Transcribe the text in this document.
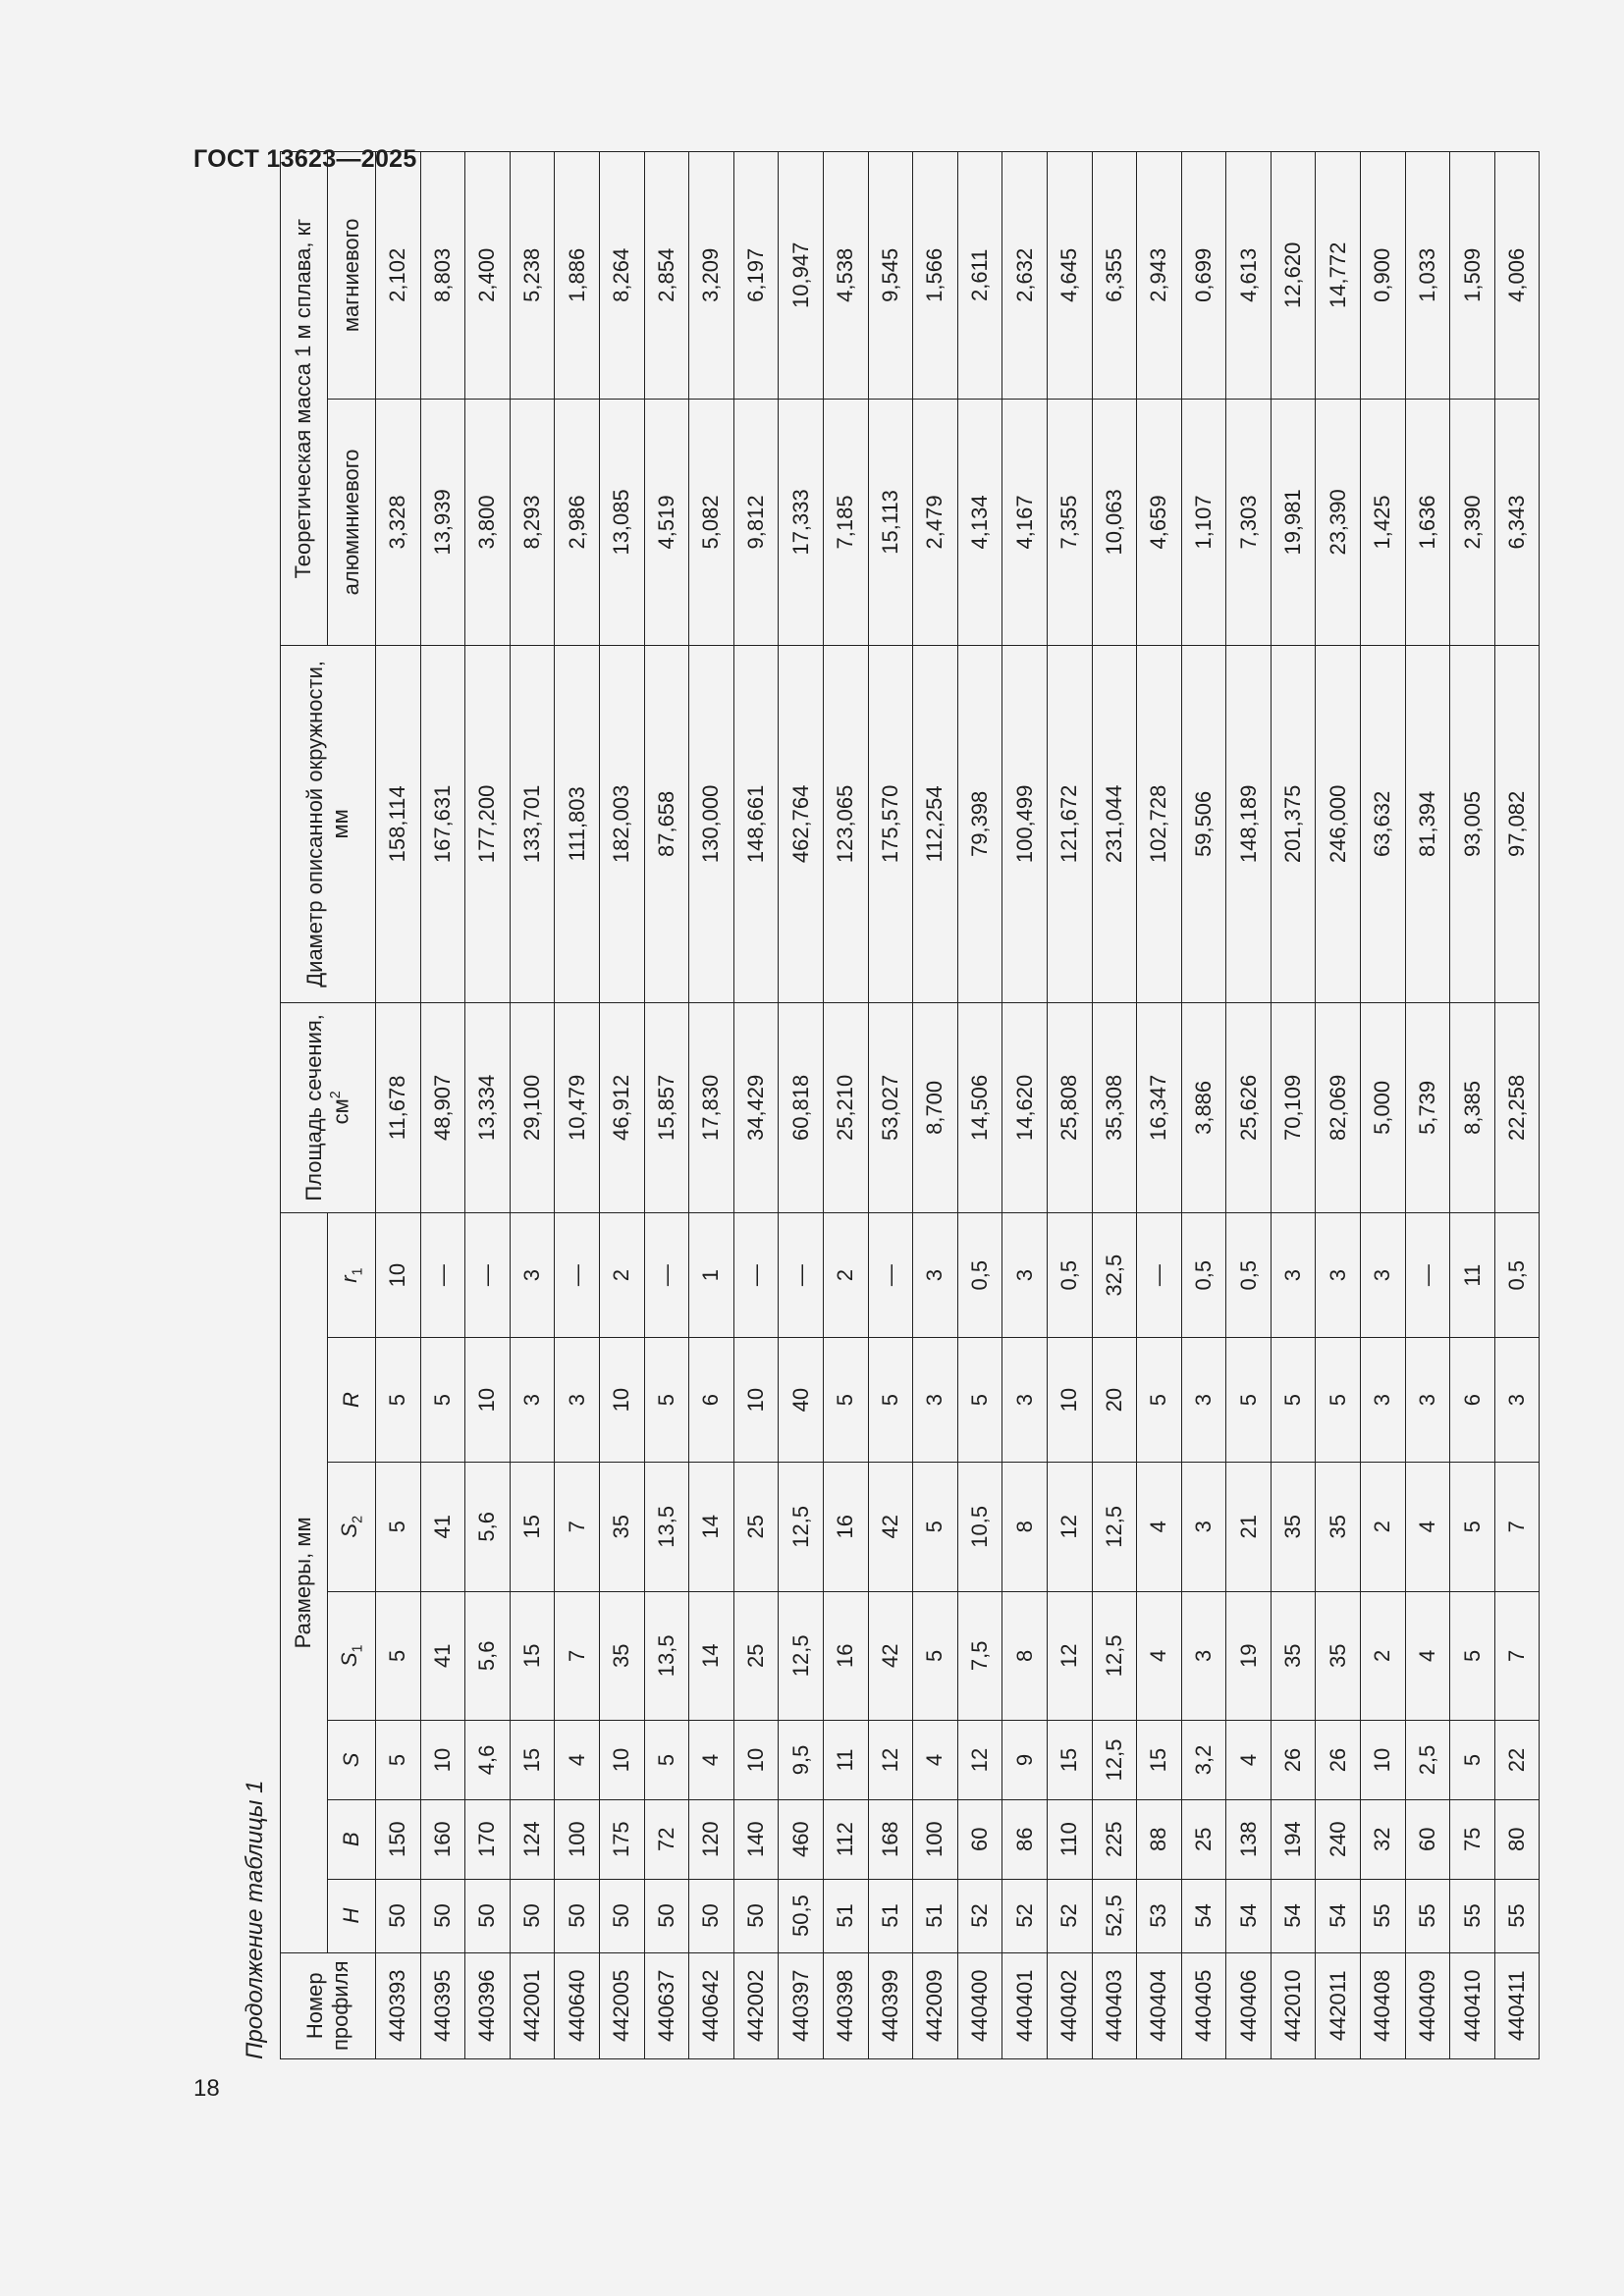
ГОСТ 13623—2025
Продолжение таблицы 1	Номер профиля	Размеры, мм							Площадь сечения, $см^2$	Диаметр описанной окружности, мм	Теоретическая масса 1 м сплава, кг	
	H	B	S	$S_1$	$S_2$	R	$r_1$			алюминиевого	магниевого
440393	50	150	5	5	5	5	10	11,678	158,114	3,328	2,102
440395	50	160	10	41	41	5	—	48,907	167,631	13,939	8,803
440396	50	170	4,6	5,6	5,6	10	—	13,334	177,200	3,800	2,400
442001	50	124	15	15	15	3	3	29,100	133,701	8,293	5,238
440640	50	100	4	7	7	3	—	10,479	111,803	2,986	1,886
442005	50	175	10	35	35	10	2	46,912	182,003	13,085	8,264
440637	50	72	5	13,5	13,5	5	—	15,857	87,658	4,519	2,854
440642	50	120	4	14	14	6	1	17,830	130,000	5,082	3,209
442002	50	140	10	25	25	10	—	34,429	148,661	9,812	6,197
440397	50,5	460	9,5	12,5	12,5	40	—	60,818	462,764	17,333	10,947
440398	51	112	11	16	16	5	2	25,210	123,065	7,185	4,538
440399	51	168	12	42	42	5	—	53,027	175,570	15,113	9,545
442009	51	100	4	5	5	3	3	8,700	112,254	2,479	1,566
440400	52	60	12	7,5	10,5	5	0,5	14,506	79,398	4,134	2,611
440401	52	86	9	8	8	3	3	14,620	100,499	4,167	2,632
440402	52	110	15	12	12	10	0,5	25,808	121,672	7,355	4,645
440403	52,5	225	12,5	12,5	12,5	20	32,5	35,308	231,044	10,063	6,355
440404	53	88	15	4	4	5	—	16,347	102,728	4,659	2,943
440405	54	25	3,2	3	3	3	0,5	3,886	59,506	1,107	0,699
440406	54	138	4	19	21	5	0,5	25,626	148,189	7,303	4,613
442010	54	194	26	35	35	5	3	70,109	201,375	19,981	12,620
442011	54	240	26	35	35	5	3	82,069	246,000	23,390	14,772
440408	55	32	10	2	2	3	3	5,000	63,632	1,425	0,900
440409	55	60	2,5	4	4	3	—	5,739	81,394	1,636	1,033
440410	55	75	5	5	5	6	11	8,385	93,005	2,390	1,509
440411	55	80	22	7	7	3	0,5	22,258	97,082	6,343	4,006
18
